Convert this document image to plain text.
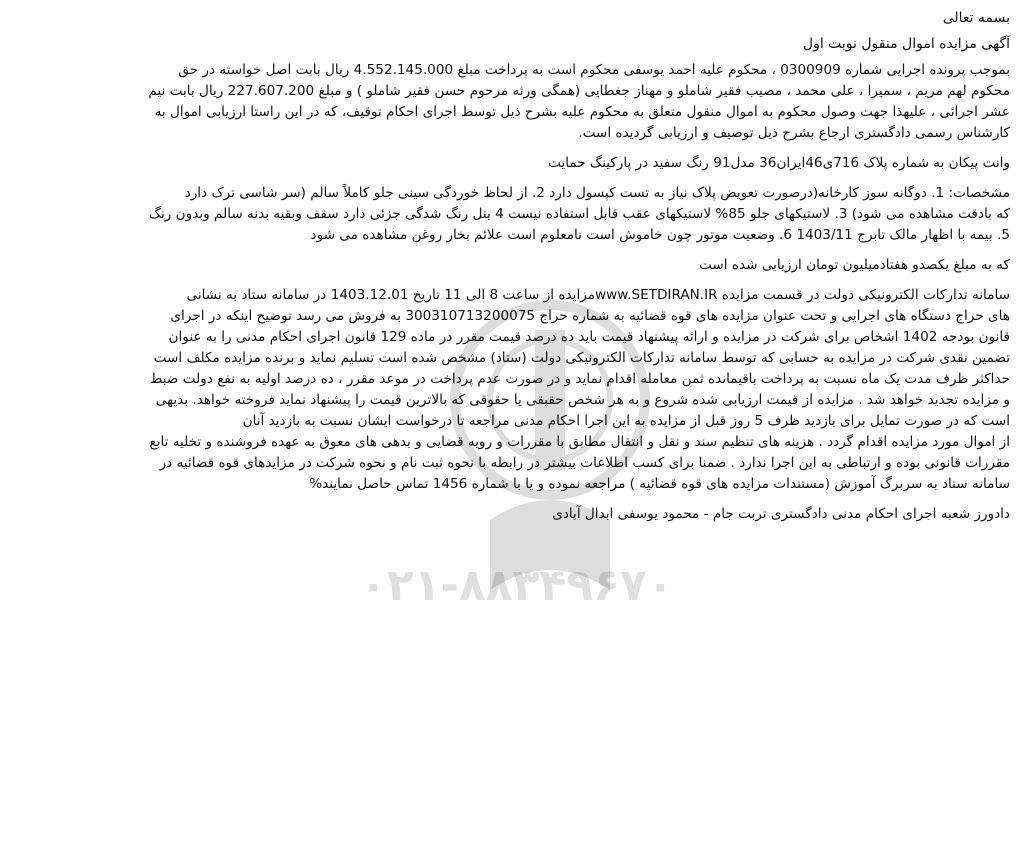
۰۲۱-۸۸۳۴۹۶۷۰
بسمه تعالی
آگهی مزایده اموال منقول نوبت اول
بموجب پرونده اجرایی شماره 0300909 ، محکوم علیه احمد یوسفی محکوم است به پرداخت مبلغ 4.552.145.000 ریال بابت اصل خواسته در حق
محکوم لهم مریم ، سمیرا ، علی محمد ، مصیب فقیر شاملو و مهناز جغطایی (همگی ورثه مرحوم حسن فقیر شاملو ) و مبلغ 227.607.200 ریال بابت نیم
عشر اجرائی ، علیهذا جهت وصول محکوم به اموال منقول متعلق به محکوم علیه بشرح ذیل توسط اجرای احکام توقیف، که در این راستا ارزیابی اموال به
کارشناس رسمی دادگستری ارجاع بشرح ذیل توصیف و ارزیابی گردیده است.
وانت پیکان به شماره پلاک 716ی46ایران36 مدل91 رنگ سفید در پارکینگ حمایت
مشخصات: 1. دوگانه سوز کارخانه(درصورت تعویض پلاک نیاز به تست کپسول دارد 2. از لحاظ خوردگی سینی جلو کاملاً سالم (سر شاسی ترک دارد
که بادقت مشاهده می شود) 3. لاستیکهای جلو 85% لاستیکهای عقب قابل استفاده نیست 4 بنل رنگ شدگی جزئی دارد سقف وبقیه بدنه سالم وبدون رنگ
5. بیمه با اظهار مالک تابرج 1403/11 6. وضعیت موتور چون خاموش است نامعلوم است علائم بخار روغن مشاهده می شود
که به مبلغ یکصدو هفتادمیلیون تومان ارزیابی شده است
سامانه تدارکات الکترونیکی دولت در قسمت مزایده www.SETDIRAN.IRمزایده از ساعت 8 الی 11 تاریخ 1403.12.01 در سامانه ستاد به نشانی
های حراج دستگاه های اجرایی و تحت عنوان مزایده های قوه قضائیه به شماره حراج 300310713200075 به فروش می رسد توضیح اینکه در اجرای
قانون بودجه 1402 اشخاص برای شرکت در مزایده و ارائه پیشنهاد قیمت باید ده درصد قیمت مقرر در ماده 129 قانون اجرای احکام مدنی را به عنوان
تضمین نقدی شرکت در مزایده به حسابی که توسط سامانه تدارکات الکترونیکی دولت (ستاد) مشخص شده است تسلیم نماید و برنده مزایده مکلف است
حداکثر ظرف مدت یک ماه نسبت به پرداخت باقیمانده ثمن معامله اقدام نماید و در صورت عدم پرداخت در موعد مقرر ، ده درصد اولیه به نفع دولت ضبط
و مزایده تجدید خواهد شد . مزایده از قیمت ارزیابی شده شروع و به هر شخص حقیقی یا حقوقی که بالاترین قیمت را پیشنهاد نماید فروخته خواهد. بدیهی
است که در صورت تمایل برای بازدید ظرف 5 روز قبل از مزایده به این اجرا احکام مدنی مراجعه تا درخواست ایشان نسبت به بازدید آنان
از اموال مورد مزایده اقدام گردد . هزینه های تنظیم سند و نقل و انتقال مطابق با مقررات و رویه قضایی و بدهی های معوق به عهده فروشنده و تخلیه تابع
مقررات قانونی بوده و ارتباطی به این اجرا ندارد . ضمنا برای کسب اطلاعات بیشتر در رابطه با نحوه ثبت نام و نحوه شرکت در مزایدهای قوه قضائیه در
سامانه ستاد به سربرگ آموزش (مستندات مزایده های قوه قضائیه ) مراجعه نموده و یا با شماره 1456 تماس حاصل نمایند%
دادورز شعبه اجرای احکام مدنی دادگستری تربت جام - محمود یوسفی ابدال آبادی
